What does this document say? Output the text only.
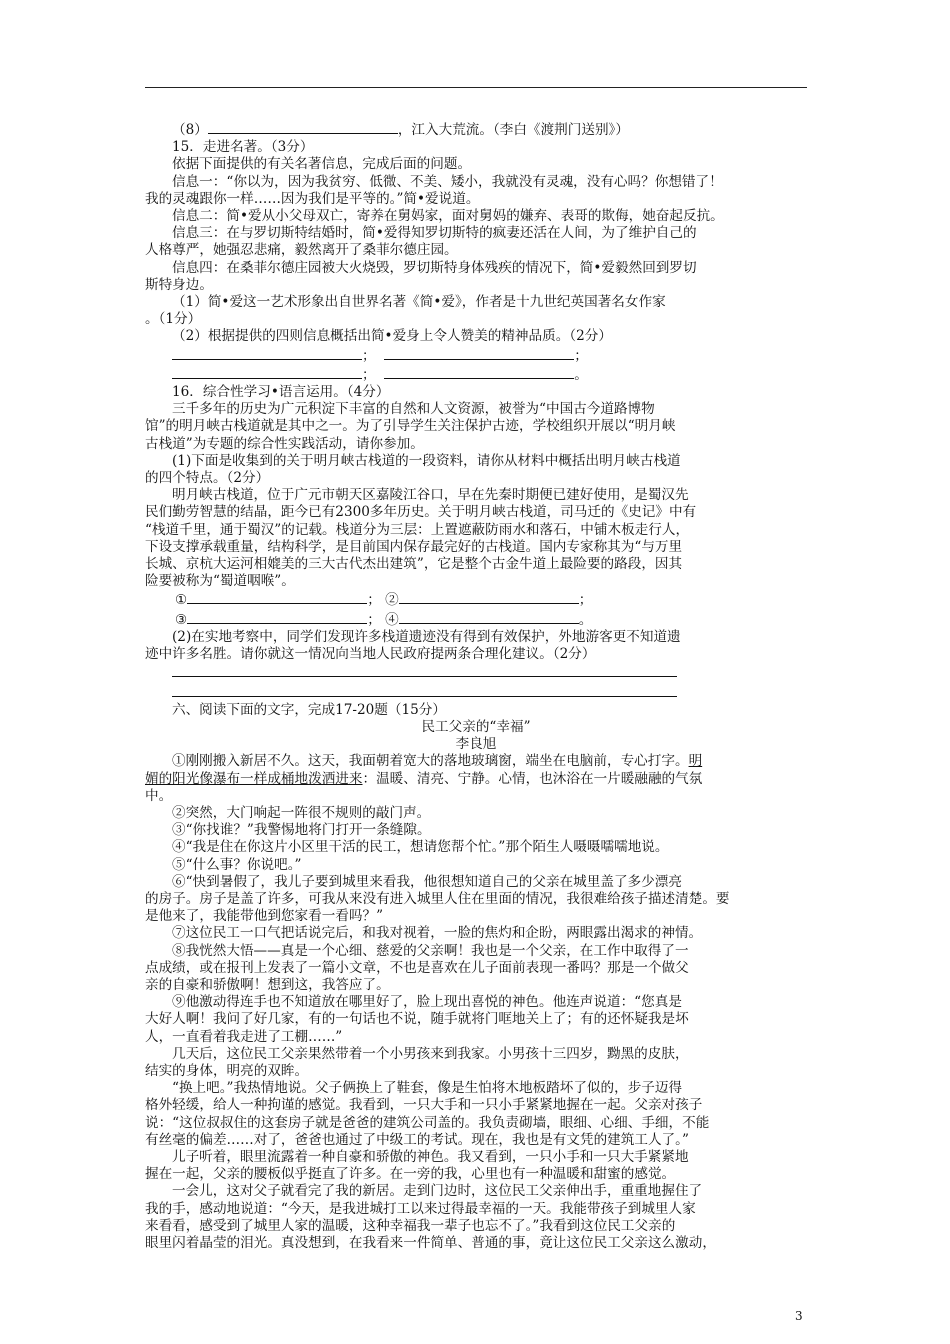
（8）	，江入大荒流。（李白《渡荆门送别》）
15．走进名著。（3分）
依据下面提供的有关名著信息，完成后面的问题。
信息一：“你以为，因为我贫穷、低微、不美、矮小，我就没有灵魂，没有心吗？你想错了！
我的灵魂跟你一样……因为我们是平等的。”简•爱说道。
信息二：简•爱从小父母双亡，寄养在舅妈家，面对舅妈的嫌弃、表哥的欺侮，她奋起反抗。
信息三：在与罗切斯特结婚时，简•爱得知罗切斯特的疯妻还活在人间，为了维护自己的
人格尊严，她强忍悲痛，毅然离开了桑菲尔德庄园。
信息四：在桑菲尔德庄园被大火烧毁，罗切斯特身体残疾的情况下，简•爱毅然回到罗切
斯特身边。
（1）简•爱这一艺术形象出自世界名著《简•爱》，作者是十九世纪英国著名女作家
。（1分）
（2）根据提供的四则信息概括出简•爱身上令人赞美的精神品质。（2分）
；	；
；	。
16．综合性学习•语言运用。（4分）
三千多年的历史为广元积淀下丰富的自然和人文资源，被誉为“中国古今道路博物
馆”的明月峡古栈道就是其中之一。为了引导学生关注保护古迹，学校组织开展以“明月峡
古栈道”为专题的综合性实践活动，请你参加。
(1)下面是收集到的关于明月峡古栈道的一段资料，请你从材料中概括出明月峡古栈道
的四个特点。（2分）
明月峡古栈道，位于广元市朝天区嘉陵江谷口，早在先秦时期便已建好使用，是蜀汉先
民们勤劳智慧的结晶，距今已有2300多年历史。关于明月峡古栈道，司马迁的《史记》中有
“栈道千里，通于蜀汉”的记载。栈道分为三层：上置遮蔽防雨水和落石，中铺木板走行人，
下设支撑承载重量，结构科学，是目前国内保存最完好的古栈道。国内专家称其为“与万里
长城、京杭大运河相媲美的三大古代杰出建筑”，它是整个古金牛道上最险要的路段，因其
险要被称为“蜀道咽喉”。
①	； ②	；
③	； ④	。
(2)在实地考察中，同学们发现许多栈道遗迹没有得到有效保护，外地游客更不知道遗
迹中许多名胜。请你就这一情况向当地人民政府提两条合理化建议。（2分）
六、阅读下面的文字，完成17-20题（15分）
民工父亲的“幸福”
李良旭
①刚刚搬入新居不久。这天，我面朝着宽大的落地玻璃窗，端坐在电脑前，专心打字。明
媚的阳光像瀑布一样成桶地泼洒进来：温暖、清亮、宁静。心情，也沐浴在一片暖融融的气氛
中。
②突然，大门响起一阵很不规则的敲门声。
③“你找谁？”我警惕地将门打开一条缝隙。
④“我是住在你这片小区里干活的民工，想请您帮个忙。”那个陌生人嗫嗫嚅嚅地说。
⑤“什么事？你说吧。”
⑥“快到暑假了，我儿子要到城里来看我，他很想知道自己的父亲在城里盖了多少漂亮
的房子。房子是盖了许多，可我从来没有进入城里人住在里面的情况，我很难给孩子描述清楚。要
是他来了，我能带他到您家看一看吗？”
⑦这位民工一口气把话说完后，和我对视着，一脸的焦灼和企盼，两眼露出渴求的神情。
⑧我恍然大悟——真是一个心细、慈爱的父亲啊！我也是一个父亲，在工作中取得了一
点成绩，或在报刊上发表了一篇小文章，不也是喜欢在儿子面前表现一番吗？那是一个做父
亲的自豪和骄傲啊！想到这，我答应了。
⑨他激动得连手也不知道放在哪里好了，脸上现出喜悦的神色。他连声说道：“您真是
大好人啊！我问了好几家，有的一句话也不说，随手就将门哐地关上了；有的还怀疑我是坏
人，一直看着我走进了工棚……”
几天后，这位民工父亲果然带着一个小男孩来到我家。小男孩十三四岁，黝黑的皮肤，
结实的身体，明亮的双眸。
“换上吧。”我热情地说。父子俩换上了鞋套，像是生怕将木地板踏坏了似的，步子迈得
格外轻缓，给人一种拘谨的感觉。我看到，一只大手和一只小手紧紧地握在一起。父亲对孩子
说：“这位叔叔住的这套房子就是爸爸的建筑公司盖的。我负责砌墙，眼细、心细、手细，不能
有丝毫的偏差……对了，爸爸也通过了中级工的考试。现在，我也是有文凭的建筑工人了。”
儿子听着，眼里流露着一种自豪和骄傲的神色。我又看到，一只小手和一只大手紧紧地
握在一起，父亲的腰板似乎挺直了许多。在一旁的我，心里也有一种温暖和甜蜜的感觉。
一会儿，这对父子就看完了我的新居。走到门边时，这位民工父亲伸出手，重重地握住了
我的手，感动地说道：“今天，是我进城打工以来过得最幸福的一天。我能带孩子到城里人家
来看看，感受到了城里人家的温暖，这种幸福我一辈子也忘不了。”我看到这位民工父亲的
眼里闪着晶莹的泪光。真没想到，在我看来一件简单、普通的事，竟让这位民工父亲这么激动，
3
